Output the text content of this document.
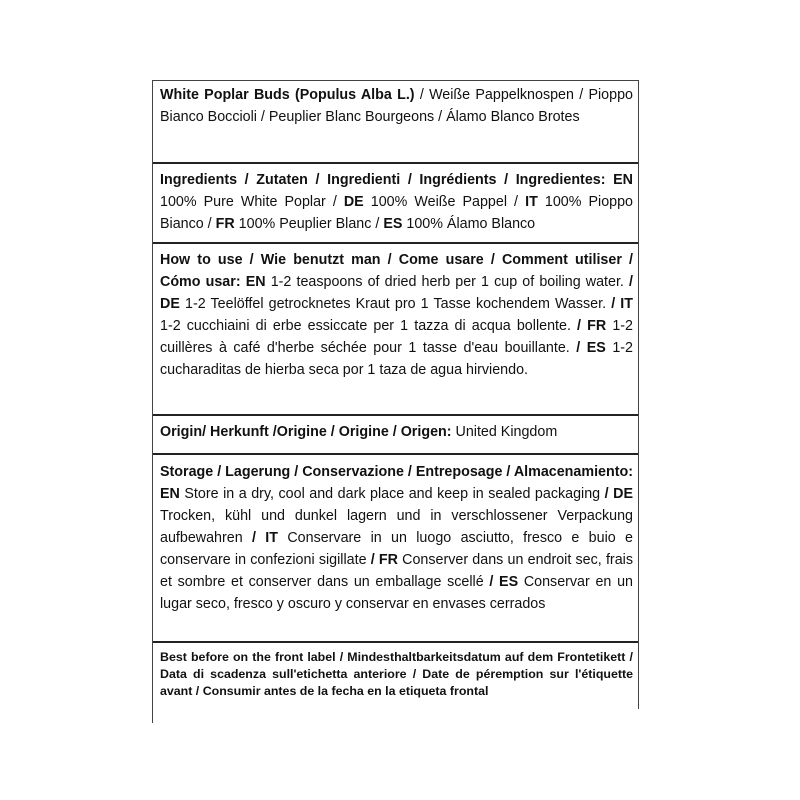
White Poplar Buds (Populus Alba L.) / Weiße Pappelknospen / Pioppo Bianco Boccioli / Peuplier Blanc Bourgeons / Álamo Blanco Brotes
Ingredients / Zutaten / Ingredienti / Ingrédients / Ingredientes: EN 100% Pure White Poplar / DE 100% Weiße Pappel / IT 100% Pioppo Bianco / FR 100% Peuplier Blanc / ES 100% Álamo Blanco
How to use / Wie benutzt man / Come usare / Comment utiliser / Cómo usar: EN 1-2 teaspoons of dried herb per 1 cup of boiling water. / DE 1-2 Teelöffel getrocknetes Kraut pro 1 Tasse kochendem Wasser. / IT 1-2 cucchiaini di erbe essiccate per 1 tazza di acqua bollente. / FR 1-2 cuillères à café d'herbe séchée pour 1 tasse d'eau bouillante. / ES 1-2 cucharaditas de hierba seca por 1 taza de agua hirviendo.
Origin/ Herkunft /Origine / Origine / Origen: United Kingdom
Storage / Lagerung / Conservazione / Entreposage / Almacenamiento: EN Store in a dry, cool and dark place and keep in sealed packaging / DE Trocken, kühl und dunkel lagern und in verschlossener Verpackung aufbewahren / IT Conservare in un luogo asciutto, fresco e buio e conservare in confezioni sigillate / FR Conserver dans un endroit sec, frais et sombre et conserver dans un emballage scellé / ES Conservar en un lugar seco, fresco y oscuro y conservar en envases cerrados
Best before on the front label / Mindesthaltbarkeitsdatum auf dem Frontetikett / Data di scadenza sull'etichetta anteriore / Date de péremption sur l'étiquette avant / Consumir antes de la fecha en la etiqueta frontal
